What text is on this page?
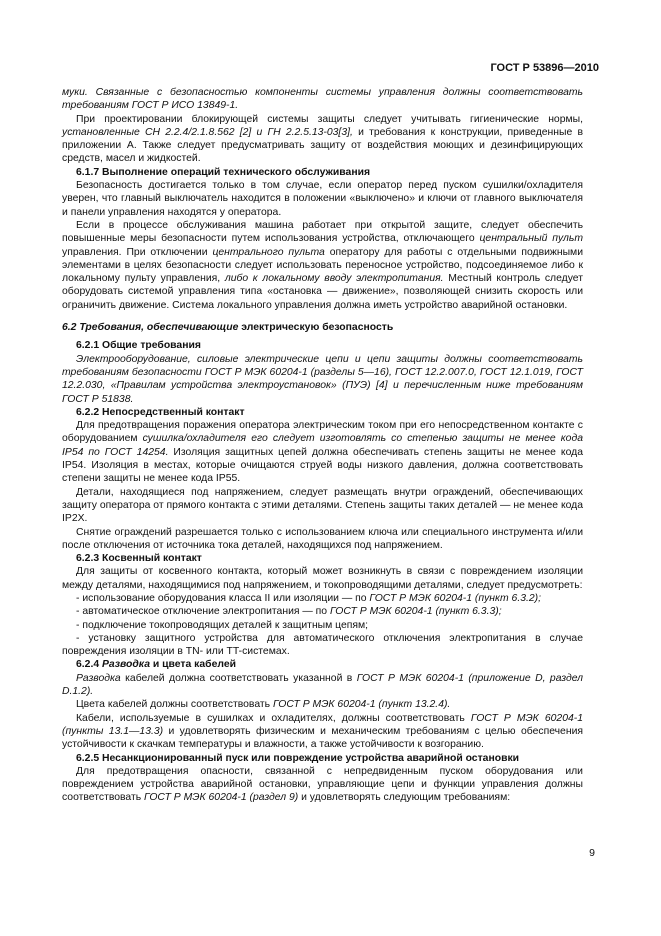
ГОСТ Р 53896—2010
муки. Связанные с безопасностью компоненты системы управления должны соответствовать требованиям ГОСТ Р ИСО 13849-1.
При проектировании блокирующей системы защиты следует учитывать гигиенические нормы, установленные СН 2.2.4/2.1.8.562 [2] и ГН 2.2.5.13-03[3], и требования к конструкции, приведенные в приложении А. Также следует предусматривать защиту от воздействия моющих и дезинфицирующих средств, масел и жидкостей.
6.1.7 Выполнение операций технического обслуживания
Безопасность достигается только в том случае, если оператор перед пуском сушилки/охладителя уверен, что главный выключатель находится в положении «выключено» и ключи от главного выключателя и панели управления находятся у оператора.
Если в процессе обслуживания машина работает при открытой защите, следует обеспечить повышенные меры безопасности путем использования устройства, отключающего центральный пульт управления. При отключении центрального пульта оператору для работы с отдельными подвижными элементами в целях безопасности следует использовать переносное устройство, подсоединяемое либо к локальному пульту управления, либо к локальному вводу электропитания. Местный контроль следует оборудовать системой управления типа «остановка — движение», позволяющей снизить скорость или ограничить движение. Система локального управления должна иметь устройство аварийной остановки.
6.2 Требования, обеспечивающие электрическую безопасность
6.2.1 Общие требования
Электрооборудование, силовые электрические цепи и цепи защиты должны соответствовать требованиям безопасности ГОСТ Р МЭК 60204-1 (разделы 5—16), ГОСТ 12.2.007.0, ГОСТ 12.1.019, ГОСТ 12.2.030, «Правилам устройства электроустановок» (ПУЭ) [4] и перечисленным ниже требованиям ГОСТ Р 51838.
6.2.2 Непосредственный контакт
Для предотвращения поражения оператора электрическим током при его непосредственном контакте с оборудованием сушилка/охладителя его следует изготовлять со степенью защиты не менее кода IP54 по ГОСТ 14254. Изоляция защитных цепей должна обеспечивать степень защиты не менее кода IP54. Изоляция в местах, которые очищаются струей воды низкого давления, должна соответствовать степени защиты не менее кода IP55.
Детали, находящиеся под напряжением, следует размещать внутри ограждений, обеспечивающих защиту оператора от прямого контакта с этими деталями. Степень защиты таких деталей — не менее кода IP2X.
Снятие ограждений разрешается только с использованием ключа или специального инструмента и/или после отключения от источника тока деталей, находящихся под напряжением.
6.2.3 Косвенный контакт
Для защиты от косвенного контакта, который может возникнуть в связи с повреждением изоляции между деталями, находящимися под напряжением, и токопроводящими деталями, следует предусмотреть:
- использование оборудования класса II или изоляции — по ГОСТ Р МЭК 60204-1 (пункт 6.3.2);
- автоматическое отключение электропитания — по ГОСТ Р МЭК 60204-1 (пункт 6.3.3);
- подключение токопроводящих деталей к защитным цепям;
- установку защитного устройства для автоматического отключения электропитания в случае повреждения изоляции в TN- или TT-системах.
6.2.4 Разводка и цвета кабелей
Разводка кабелей должна соответствовать указанной в ГОСТ Р МЭК 60204-1 (приложение D, раздел D.1.2).
Цвета кабелей должны соответствовать ГОСТ Р МЭК 60204-1 (пункт 13.2.4).
Кабели, используемые в сушилках и охладителях, должны соответствовать ГОСТ Р МЭК 60204-1 (пункты 13.1—13.3) и удовлетворять физическим и механическим требованиям с целью обеспечения устойчивости к скачкам температуры и влажности, а также устойчивости к возгоранию.
6.2.5 Несанкционированный пуск или повреждение устройства аварийной остановки
Для предотвращения опасности, связанной с непредвиденным пуском оборудования или повреждением устройства аварийной остановки, управляющие цепи и функции управления должны соответствовать ГОСТ Р МЭК 60204-1 (раздел 9) и удовлетворять следующим требованиям:
9
